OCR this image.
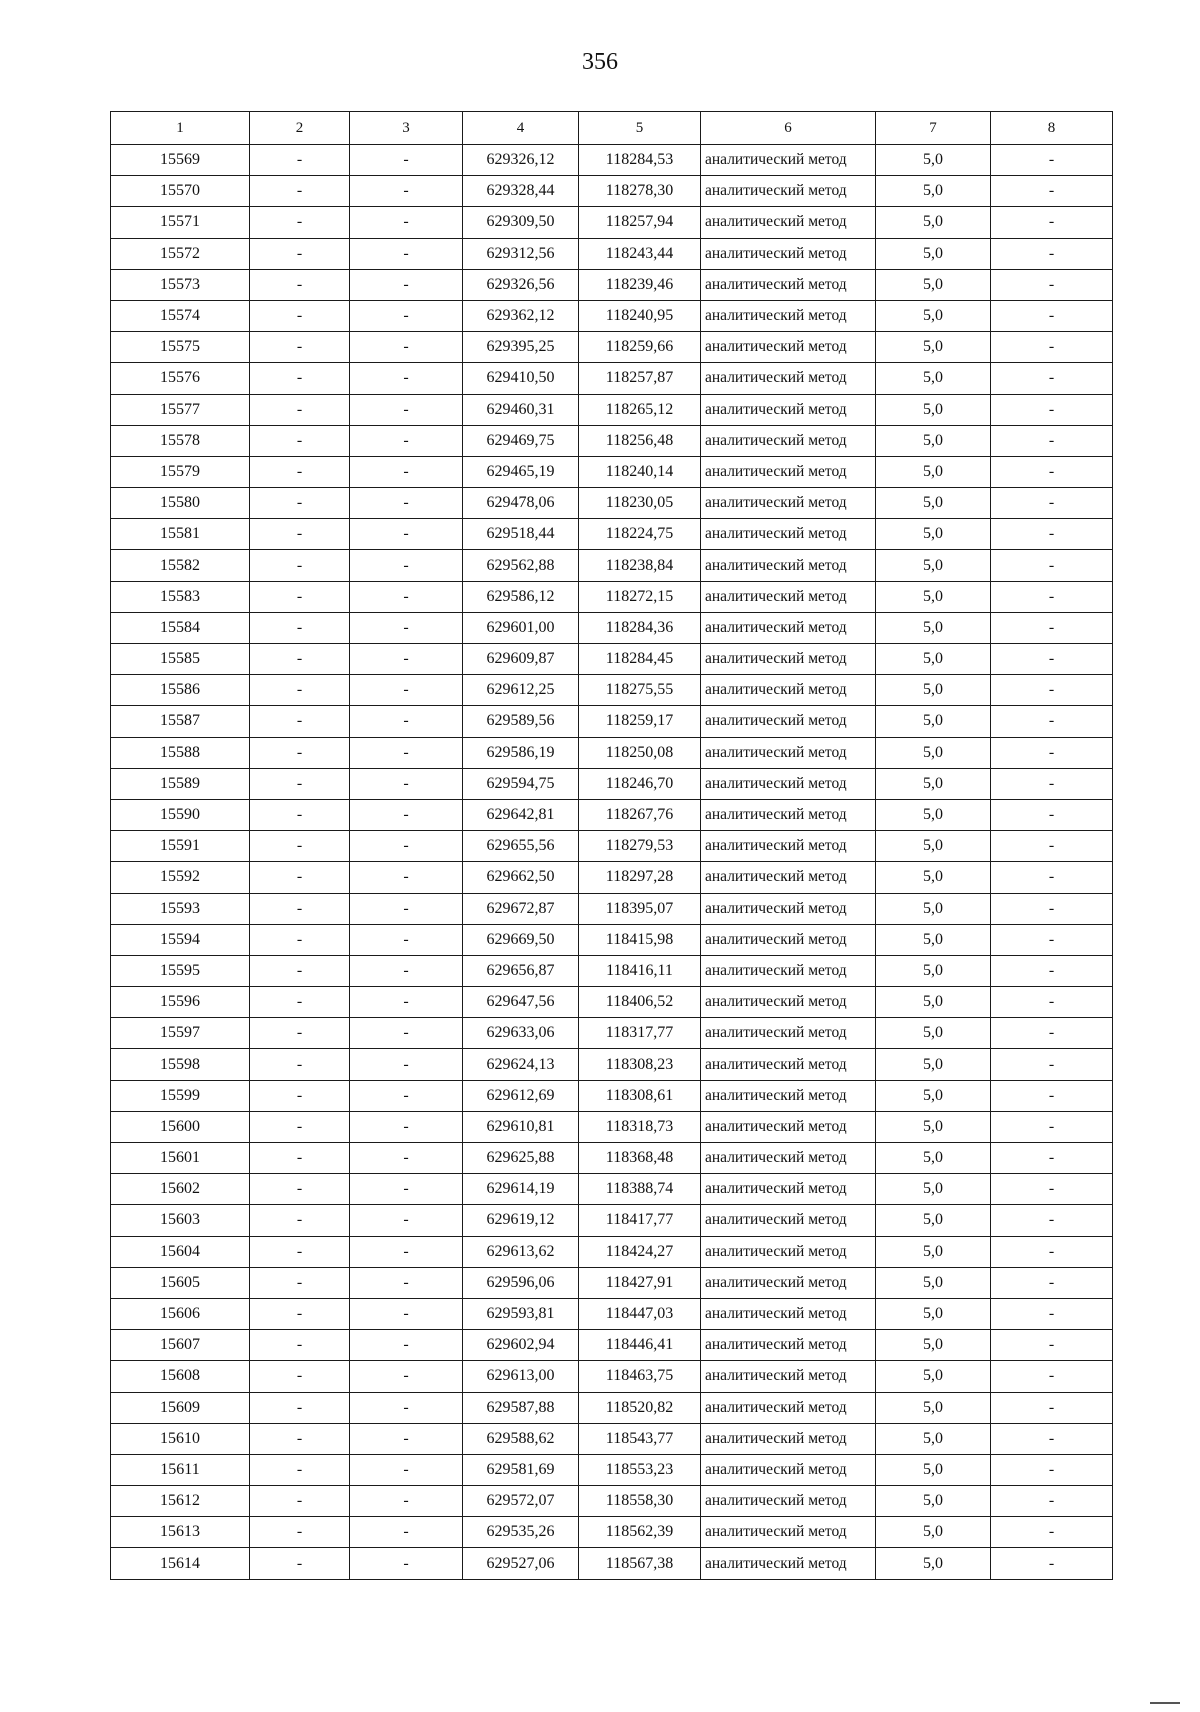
356
1	2	3	4	5	6	7	8
15569	-	-	629326,12	118284,53	аналитический метод	5,0	-
15570	-	-	629328,44	118278,30	аналитический метод	5,0	-
15571	-	-	629309,50	118257,94	аналитический метод	5,0	-
15572	-	-	629312,56	118243,44	аналитический метод	5,0	-
15573	-	-	629326,56	118239,46	аналитический метод	5,0	-
15574	-	-	629362,12	118240,95	аналитический метод	5,0	-
15575	-	-	629395,25	118259,66	аналитический метод	5,0	-
15576	-	-	629410,50	118257,87	аналитический метод	5,0	-
15577	-	-	629460,31	118265,12	аналитический метод	5,0	-
15578	-	-	629469,75	118256,48	аналитический метод	5,0	-
15579	-	-	629465,19	118240,14	аналитический метод	5,0	-
15580	-	-	629478,06	118230,05	аналитический метод	5,0	-
15581	-	-	629518,44	118224,75	аналитический метод	5,0	-
15582	-	-	629562,88	118238,84	аналитический метод	5,0	-
15583	-	-	629586,12	118272,15	аналитический метод	5,0	-
15584	-	-	629601,00	118284,36	аналитический метод	5,0	-
15585	-	-	629609,87	118284,45	аналитический метод	5,0	-
15586	-	-	629612,25	118275,55	аналитический метод	5,0	-
15587	-	-	629589,56	118259,17	аналитический метод	5,0	-
15588	-	-	629586,19	118250,08	аналитический метод	5,0	-
15589	-	-	629594,75	118246,70	аналитический метод	5,0	-
15590	-	-	629642,81	118267,76	аналитический метод	5,0	-
15591	-	-	629655,56	118279,53	аналитический метод	5,0	-
15592	-	-	629662,50	118297,28	аналитический метод	5,0	-
15593	-	-	629672,87	118395,07	аналитический метод	5,0	-
15594	-	-	629669,50	118415,98	аналитический метод	5,0	-
15595	-	-	629656,87	118416,11	аналитический метод	5,0	-
15596	-	-	629647,56	118406,52	аналитический метод	5,0	-
15597	-	-	629633,06	118317,77	аналитический метод	5,0	-
15598	-	-	629624,13	118308,23	аналитический метод	5,0	-
15599	-	-	629612,69	118308,61	аналитический метод	5,0	-
15600	-	-	629610,81	118318,73	аналитический метод	5,0	-
15601	-	-	629625,88	118368,48	аналитический метод	5,0	-
15602	-	-	629614,19	118388,74	аналитический метод	5,0	-
15603	-	-	629619,12	118417,77	аналитический метод	5,0	-
15604	-	-	629613,62	118424,27	аналитический метод	5,0	-
15605	-	-	629596,06	118427,91	аналитический метод	5,0	-
15606	-	-	629593,81	118447,03	аналитический метод	5,0	-
15607	-	-	629602,94	118446,41	аналитический метод	5,0	-
15608	-	-	629613,00	118463,75	аналитический метод	5,0	-
15609	-	-	629587,88	118520,82	аналитический метод	5,0	-
15610	-	-	629588,62	118543,77	аналитический метод	5,0	-
15611	-	-	629581,69	118553,23	аналитический метод	5,0	-
15612	-	-	629572,07	118558,30	аналитический метод	5,0	-
15613	-	-	629535,26	118562,39	аналитический метод	5,0	-
15614	-	-	629527,06	118567,38	аналитический метод	5,0	-
